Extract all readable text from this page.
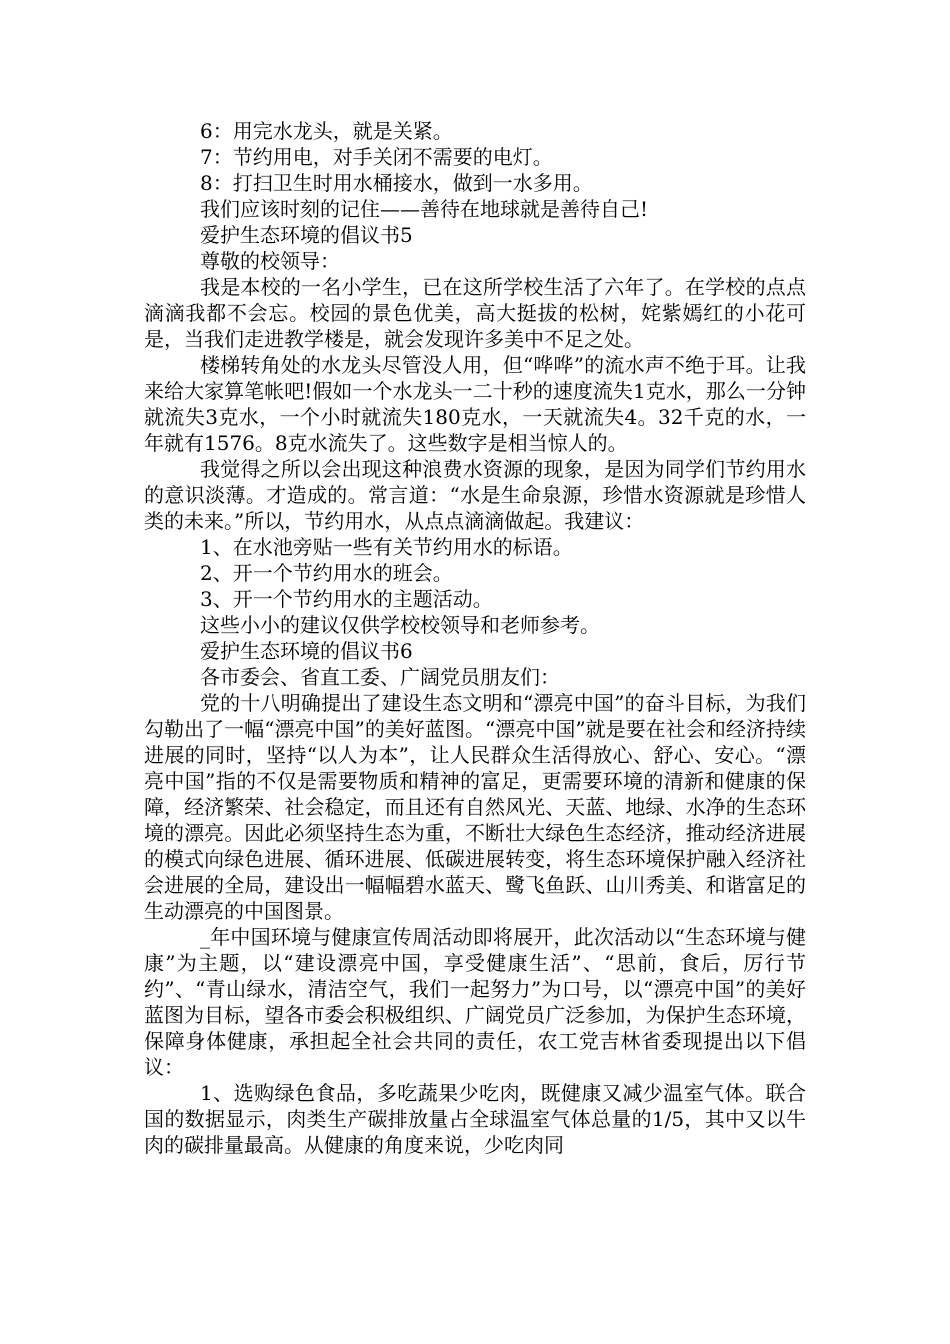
6：用完水龙头，就是关紧。

7：节约用电，对手关闭不需要的电灯。

8：打扫卫生时用水桶接水，做到一水多用。

我们应该时刻的记住——善待在地球就是善待自己!

爱护生态环境的倡议书5

尊敬的校领导：

我是本校的一名小学生，已在这所学校生活了六年了。在学校的点点滴滴我都不会忘。校园的景色优美，高大挺拔的松树，姹紫嫣红的小花可是，当我们走进教学楼是，就会发现许多美中不足之处。

楼梯转角处的水龙头尽管没人用，但“哗哗”的流水声不绝于耳。让我来给大家算笔帐吧!假如一个水龙头一二十秒的速度流失1克水，那么一分钟就流失3克水，一个小时就流失180克水，一天就流失4。32千克的水，一年就有1576。8克水流失了。这些数字是相当惊人的。

我觉得之所以会出现这种浪费水资源的现象，是因为同学们节约用水的意识淡薄。才造成的。常言道：“水是生命泉源，珍惜水资源就是珍惜人类的未来。”所以，节约用水，从点点滴滴做起。我建议：

1、在水池旁贴一些有关节约用水的标语。

2、开一个节约用水的班会。

3、开一个节约用水的主题活动。

这些小小的建议仅供学校校领导和老师参考。

爱护生态环境的倡议书6

各市委会、省直工委、广阔党员朋友们：

党的十八明确提出了建设生态文明和“漂亮中国”的奋斗目标，为我们勾勒出了一幅“漂亮中国”的美好蓝图。“漂亮中国”就是要在社会和经济持续进展的同时，坚持“以人为本”，让人民群众生活得放心、舒心、安心。“漂亮中国”指的不仅是需要物质和精神的富足，更需要环境的清新和健康的保障，经济繁荣、社会稳定，而且还有自然风光、天蓝、地绿、水净的生态环境的漂亮。因此必须坚持生态为重，不断壮大绿色生态经济，推动经济进展的模式向绿色进展、循环进展、低碳进展转变，将生态环境保护融入经济社会进展的全局，建设出一幅幅碧水蓝天、鹭飞鱼跃、山川秀美、和谐富足的生动漂亮的中国图景。

_年中国环境与健康宣传周活动即将展开，此次活动以“生态环境与健康”为主题，以“建设漂亮中国，享受健康生活”、“思前，食后，厉行节约”、“青山绿水，清洁空气，我们一起努力”为口号，以“漂亮中国”的美好蓝图为目标，望各市委会积极组织、广阔党员广泛参加，为保护生态环境，保障身体健康，承担起全社会共同的责任，农工党吉林省委现提出以下倡议：

1、选购绿色食品，多吃蔬果少吃肉，既健康又减少温室气体。联合国的数据显示，肉类生产碳排放量占全球温室气体总量的1/5，其中又以牛肉的碳排量最高。从健康的角度来说，少吃肉同
